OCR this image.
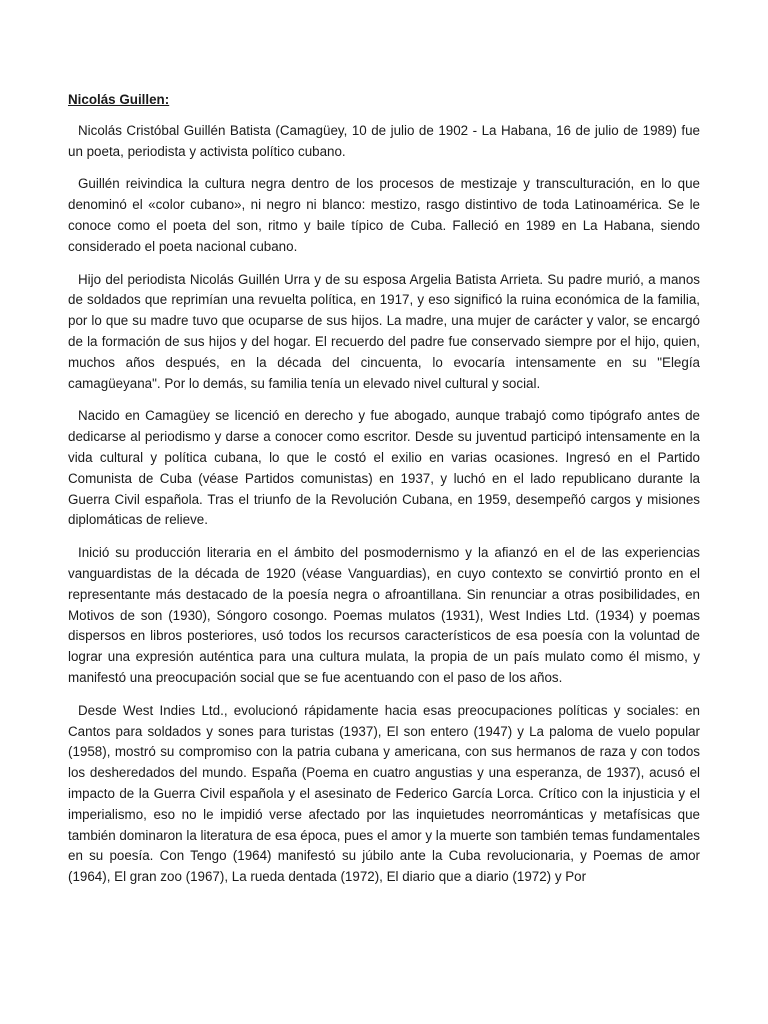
Nicolás Guillen:

Nicolás Cristóbal Guillén Batista (Camagüey, 10 de julio de 1902 - La Habana, 16 de julio de 1989) fue un poeta, periodista y activista político cubano.

Guillén reivindica la cultura negra dentro de los procesos de mestizaje y transculturación, en lo que denominó el «color cubano», ni negro ni blanco: mestizo, rasgo distintivo de toda Latinoamérica. Se le conoce como el poeta del son, ritmo y baile típico de Cuba. Falleció en 1989 en La Habana, siendo considerado el poeta nacional cubano.

Hijo del periodista Nicolás Guillén Urra y de su esposa Argelia Batista Arrieta. Su padre murió, a manos de soldados que reprimían una revuelta política, en 1917, y eso significó la ruina económica de la familia, por lo que su madre tuvo que ocuparse de sus hijos. La madre, una mujer de carácter y valor, se encargó de la formación de sus hijos y del hogar. El recuerdo del padre fue conservado siempre por el hijo, quien, muchos años después, en la década del cincuenta, lo evocaría intensamente en su "Elegía camagüeyana". Por lo demás, su familia tenía un elevado nivel cultural y social.

Nacido en Camagüey se licenció en derecho y fue abogado, aunque trabajó como tipógrafo antes de dedicarse al periodismo y darse a conocer como escritor. Desde su juventud participó intensamente en la vida cultural y política cubana, lo que le costó el exilio en varias ocasiones. Ingresó en el Partido Comunista de Cuba (véase Partidos comunistas) en 1937, y luchó en el lado republicano durante la Guerra Civil española. Tras el triunfo de la Revolución Cubana, en 1959, desempeñó cargos y misiones diplomáticas de relieve.

Inició su producción literaria en el ámbito del posmodernismo y la afianzó en el de las experiencias vanguardistas de la década de 1920 (véase Vanguardias), en cuyo contexto se convirtió pronto en el representante más destacado de la poesía negra o afroantillana. Sin renunciar a otras posibilidades, en Motivos de son (1930), Sóngoro cosongo. Poemas mulatos (1931), West Indies Ltd. (1934) y poemas dispersos en libros posteriores, usó todos los recursos característicos de esa poesía con la voluntad de lograr una expresión auténtica para una cultura mulata, la propia de un país mulato como él mismo, y manifestó una preocupación social que se fue acentuando con el paso de los años.

Desde West Indies Ltd., evolucionó rápidamente hacia esas preocupaciones políticas y sociales: en Cantos para soldados y sones para turistas (1937), El son entero (1947) y La paloma de vuelo popular (1958), mostró su compromiso con la patria cubana y americana, con sus hermanos de raza y con todos los desheredados del mundo. España (Poema en cuatro angustias y una esperanza, de 1937), acusó el impacto de la Guerra Civil española y el asesinato de Federico García Lorca. Crítico con la injusticia y el imperialismo, eso no le impidió verse afectado por las inquietudes neorrománticas y metafísicas que también dominaron la literatura de esa época, pues el amor y la muerte son también temas fundamentales en su poesía. Con Tengo (1964) manifestó su júbilo ante la Cuba revolucionaria, y Poemas de amor (1964), El gran zoo (1967), La rueda dentada (1972), El diario que a diario (1972) y Por
